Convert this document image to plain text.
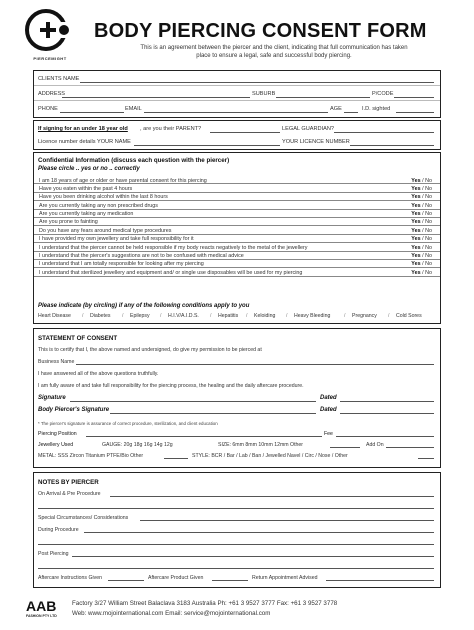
PIERCEMIGHT
BODY PIERCING CONSENT FORM
This is an agreement between the piercer and the client, indicating that full communication has taken place to ensure a legal, safe and successful body piercing.
CLIENTS NAME
ADDRESS	SUBURB	P/CODE
PHONE	EMAIL	AGE	I.D. sighted
If signing for an under 18 year old , are you their PARENT?	LEGAL GUARDIAN?
Licence number details YOUR NAME	YOUR LICENCE NUMBER
Confidential Information (discuss each question with the piercer)
Please circle .. yes or no .. correctly
I am 18 years of age or older or have parental consent for this piercing	Yes / No
Have you eaten within the past 4 hours	Yes / No
Have you been drinking alcohol within the last 8 hours	Yes / No
Are you currently taking any non prescribed drugs	Yes / No
Are you currently taking any medication	Yes / No
Are you prone to fainting	Yes / No
Do you have any fears around medical type procedures	Yes / No
I have provided my own jewellery and take full responsibility for it	Yes / No
I understand that the piercer cannot be held responsible if my body reacts negatively to the metal of the jewellery	Yes / No
I understand that the piercer's suggestions are not to be confused with medical advice	Yes / No
I understand that I am totally responsible for looking after my piercing	Yes / No
I understand that sterilized jewellery and equipment and/ or single use disposables will be used for my piercing	Yes / No
Please indicate (by circling) if any of the following conditions apply to you
Heart Disease / Diabetes / Epilepsy / H.I.V/A.I.D.S. / Hepatitis / Keloiding / Heavy Bleeding	/ Pregnancy / Cold Sores
STATEMENT OF CONSENT
This is to certify that I, the above named and undersigned, do give my permission to be pierced at
Business Name
I have answered all of the above questions truthfully.
I am fully aware of and take full responsibility for the piercing process, the healing and the daily aftercare procedure.
Signature	Dated
Body Piercer's Signature	Dated
* The piercer's signature is assurance of correct procedure, sterilization, and client education
Piercing Position	Fee
Jewellery Used	GAUGE: 20g 18g 16g 14g 12g	SIZE: 6mm 8mm 10mm 12mm Other	Add On
METAL: SSS Zircon Titanium PTFE/Bio Other	STYLE: BCR / Bar / Lab / Ban / Jewelled Navel / Circ / Nose / Other
NOTES BY PIERCER
On Arrival & Pre Procedure
Special Circumstances/ Considerations
During Procedure
Post Piercing
Aftercare Instructions Given	Aftercare Product Given	Return Appointment Advised
AAB
FASHION PTY LTD
Factory 3/27 William Street Balaclava 3183 Australia Ph: +61 3 9527 3777 Fax: +61 3 9527 3778
Web: www.mojointernational.com Email: service@mojointernational.com
